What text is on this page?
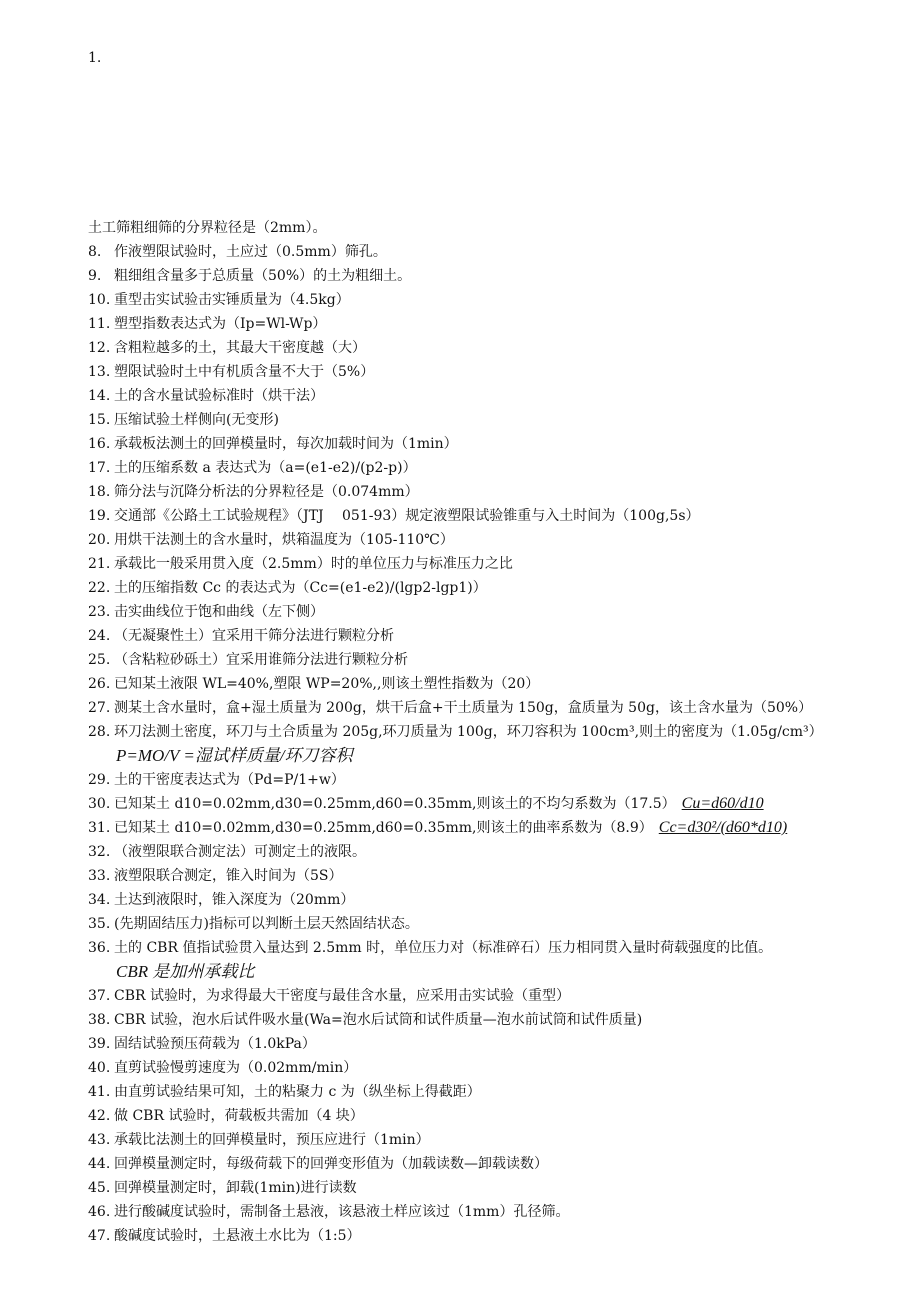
1.
土工筛粗细筛的分界粒径是（2mm）。
8. 作液塑限试验时，土应过（0.5mm）筛孔。
9. 粗细组含量多于总质量（50%）的土为粗细土。
10. 重型击实试验击实锤质量为（4.5kg）
11. 塑型指数表达式为（Ip=Wl-Wp）
12. 含粗粒越多的土，其最大干密度越（大）
13. 塑限试验时土中有机质含量不大于（5%）
14. 土的含水量试验标准时（烘干法）
15. 压缩试验土样侧向(无变形)
16. 承载板法测土的回弹模量时，每次加载时间为（1min）
17. 土的压缩系数 a 表达式为（a=(e1-e2)/(p2-p)）
18. 筛分法与沉降分析法的分界粒径是（0.074mm）
19. 交通部《公路土工试验规程》（JTJ　 051-93）规定液塑限试验锥重与入土时间为（100g,5s）
20. 用烘干法测土的含水量时，烘箱温度为（105-110℃）
21. 承载比一般采用贯入度（2.5mm）时的单位压力与标准压力之比
22. 土的压缩指数 Cc 的表达式为（Cc=(e1-e2)/(lgp2-lgp1)）
23. 击实曲线位于饱和曲线（左下侧）
24. （无凝聚性土）宜采用干筛分法进行颗粒分析
25. （含粘粒砂砾土）宜采用谁筛分法进行颗粒分析
26. 已知某土液限 WL=40%,塑限 WP=20%,,则该土塑性指数为（20）
27. 测某土含水量时，盒+湿土质量为 200g，烘干后盒+干土质量为 150g，盒质量为 50g，该土含水量为（50%）
28. 环刀法测土密度，环刀与土合质量为 205g,环刀质量为 100g，环刀容积为 100cm³,则土的密度为（1.05g/cm³）
P=MO/V =湿试样质量/环刀容积
29. 土的干密度表达式为（Pd=P/1+w）
30. 已知某土 d10=0.02mm,d30=0.25mm,d60=0.35mm,则该土的不均匀系数为（17.5） Cu=d60/d10
31. 已知某土 d10=0.02mm,d30=0.25mm,d60=0.35mm,则该土的曲率系数为（8.9） Cc=d30²/(d60*d10)
32. （液塑限联合测定法）可测定土的液限。
33. 液塑限联合测定，锥入时间为（5S）
34. 土达到液限时，锥入深度为（20mm）
35. (先期固结压力)指标可以判断土层天然固结状态。
36. 土的 CBR 值指试验贯入量达到 2.5mm 时，单位压力对（标准碎石）压力相同贯入量时荷载强度的比值。
CBR 是加州承载比
37. CBR 试验时，为求得最大干密度与最佳含水量，应采用击实试验（重型）
38. CBR 试验，泡水后试件吸水量(Wa=泡水后试筒和试件质量—泡水前试筒和试件质量)
39. 固结试验预压荷载为（1.0kPa）
40. 直剪试验慢剪速度为（0.02mm/min）
41. 由直剪试验结果可知，土的粘聚力 c 为（纵坐标上得截距）
42. 做 CBR 试验时，荷载板共需加（4 块）
43. 承载比法测土的回弹模量时，预压应进行（1min）
44. 回弹模量测定时，每级荷载下的回弹变形值为（加载读数—卸载读数）
45. 回弹模量测定时，卸载(1min)进行读数
46. 进行酸碱度试验时，需制备土悬液，该悬液土样应该过（1mm）孔径筛。
47. 酸碱度试验时，土悬液土水比为（1:5）
